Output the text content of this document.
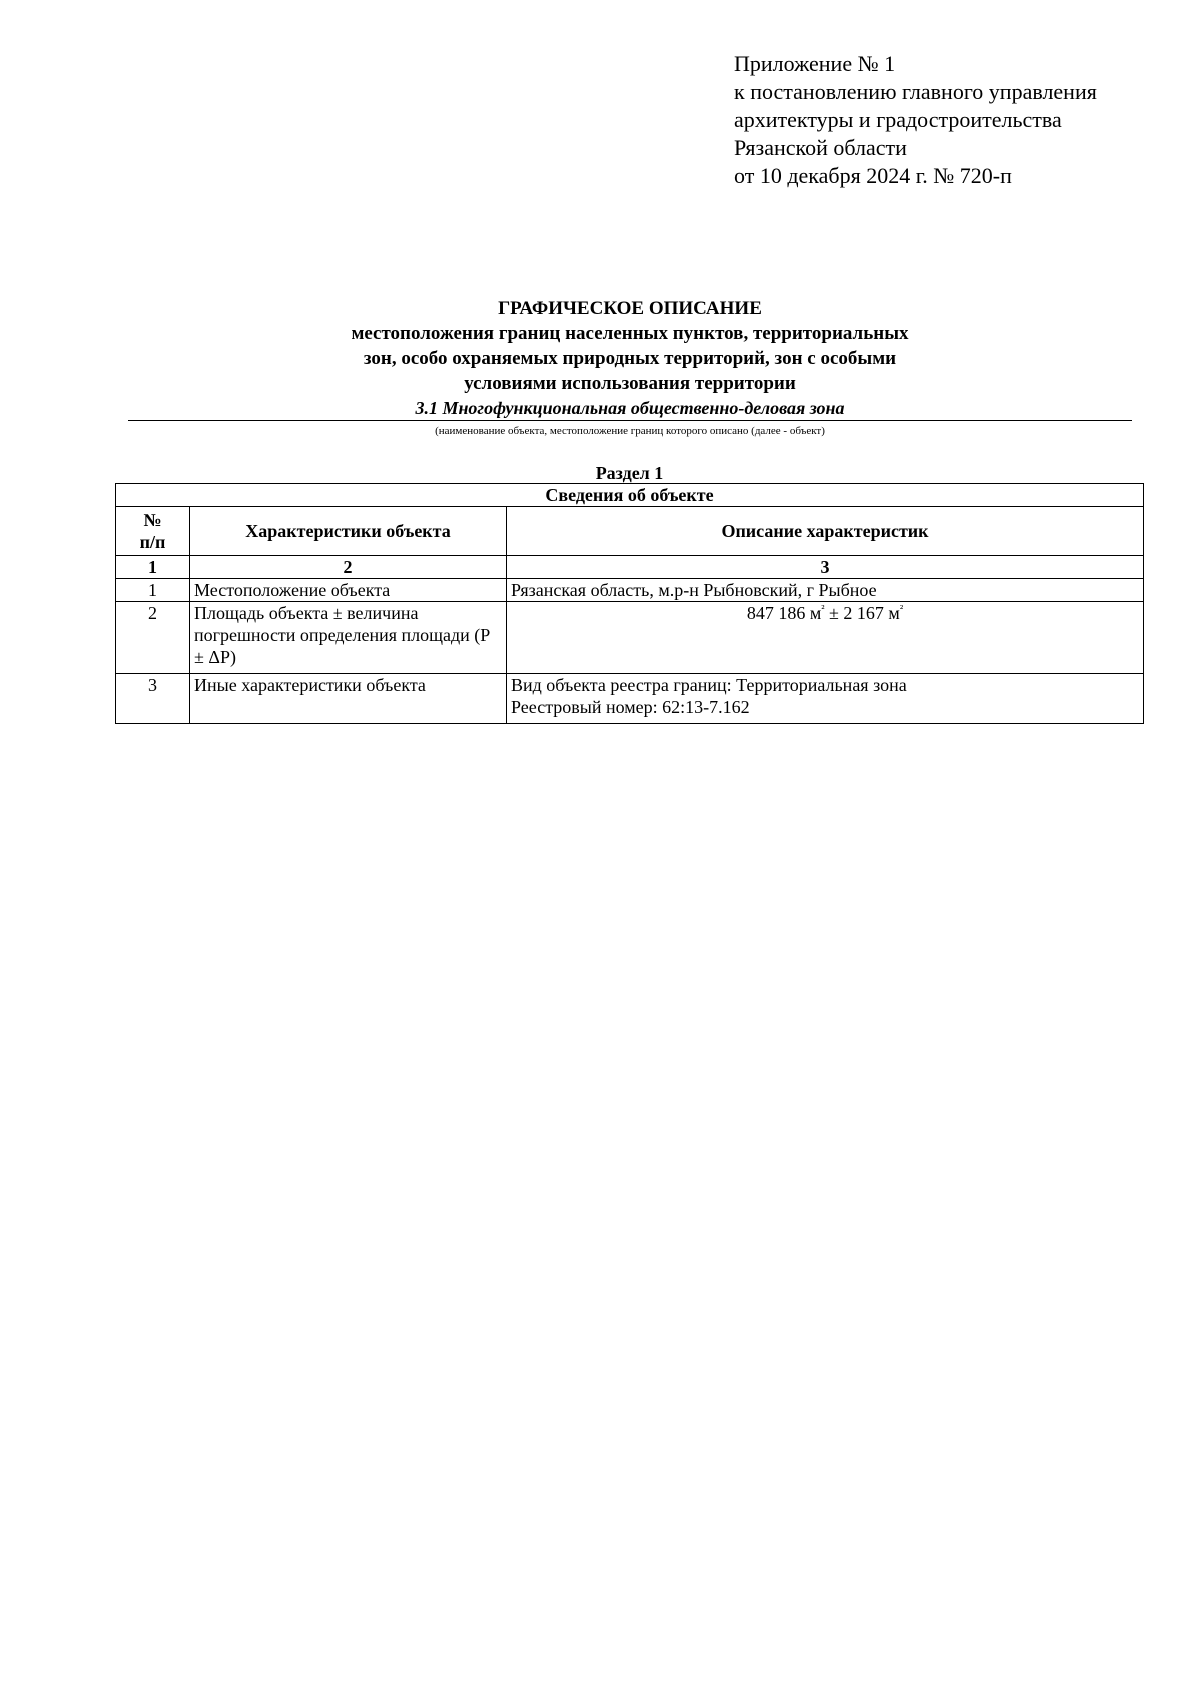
Приложение № 1
к постановлению главного управления
архитектуры и градостроительства
Рязанской области
от 10 декабря 2024 г. № 720-п
ГРАФИЧЕСКОЕ ОПИСАНИЕ
местоположения границ населенных пунктов, территориальных
зон, особо охраняемых природных территорий, зон с особыми
условиями использования территории
3.1 Многофункциональная общественно-деловая зона
(наименование объекта, местоположение границ которого описано (далее - объект)
Раздел 1
Сведения об объекте		
№
п/п	Характеристики объекта	Описание характеристик
1	2	3
1	Местоположение объекта	Рязанская область, м.р-н Рыбновский, г Рыбное
2	Площадь объекта ± величина погрешности определения площади (P ± ΔP)	847 186 $м^{^2} \pm 2$ 167 $м^{^2}$
3	Иные характеристики объекта	Вид объекта реестра границ: Территориальная зона
Реестровый номер: 62:13-7.162
